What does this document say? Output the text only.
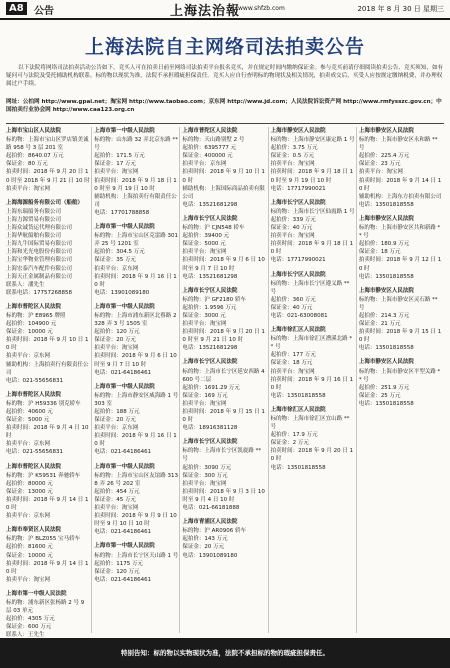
A8	公告	上海法治報
www.shfzb.com	2018 年 8 月 30 日 星期三
上海法院自主网络司法拍卖公告
以下法院将网络司法拍卖活动公告如下，竞买人可在拍卖日前至网络司法拍卖平台报名竞买，并在规定时间内缴纳保证金。参与竞买前请仔细阅读拍卖公告、竞买须知，如有疑问可与法院及受托辅助机构联系。标的物以现状为准，法院不承担瑕疵担保责任。竞买人应自行查明标的物现状及相关情况，拍卖成交后，买受人应按规定缴纳税费，并办理权属过户手续。
网址：公拍网 http://www.gpai.net；淘宝网 http://www.taobao.com；京东网 http://www.jd.com；人民法院诉讼资产网 http://www.rmfysszc.gov.cn；中国拍卖行业协会网 http://www.caa123.org.cn
上海市宝山区人民法院
标的物：上海市宝山区罗店镇美诚路 958 号 3 层 201 室
起拍价：8640.07 万元
保证金：80 万元
拍卖时间：2018 年 9 月 20 日 10 时至 2018 年 9 月 21 日 10 时
拍卖平台：淘宝网
上海海源船务有限公司（船舶）
上海东瑞船务有限公司
上海力源贸易有限公司
上海众诚货运代理有限公司
上海华航船舶有限公司
上海九牛国际贸易有限公司
上海和光光电股份有限公司
上海宝华物业管理有限公司
上海宏泰汽车配件有限公司
上海天正金属制品有限公司
联系人：潘先生
联系电话：17757268858
上海市普陀区人民法院
标的物：沪 E8965 牌照
起拍价：104900 元
保证金：10000 元
拍卖时间：2018 年 9 月 10 日 10 时
拍卖平台：京东网
辅助机构：上海拍卖行有限责任公司
电话：021-55656831
上海市普陀区人民法院
标的物：沪 H59336 别克轿车
起拍价：40600 元
保证金：5000 元
拍卖时间：2018 年 9 月 4 日 10 时
拍卖平台：京东网
电话：021-55656831
上海市普陀区人民法院
标的物：沪 K59531 奔驰轿车
起拍价：80000 元
保证金：13000 元
拍卖时间：2018 年 9 月 14 日 10 时
拍卖平台：京东网
上海市奉贤区人民法院
标的物：沪 BLZ055 宝马轿车
起拍价：81600 元
保证金：10000 元
拍卖时间：2018 年 9 月 14 日 10 时
拍卖平台：淘宝网
上海市第一中级人民法院
标的物：浦东新区张杨路 2 号 9 层 03 单元
起拍价：4305 万元
保证金：600 万元
联系人：王先生
上海市第一中级人民法院
标的物：山东路 32 弄北京东路 ** 号
起拍价：171.5 万元
保证金：17 万元
拍卖平台：淘宝网
拍卖时间：2018 年 9 月 18 日 10 时至 9 月 19 日 10 时
辅助机构：上海拍卖行有限责任公司
电话：17701788858
上海市第一中级人民法院
标的物：上海市宝山区克雷路 301 弄 25 号 1201 室
起拍价：304.5 万元
保证金：35 万元
拍卖平台：京东网
拍卖时间：2018 年 9 月 16 日 10 时
电话：13901089180
上海市第一中级人民法院
标的物：上海市浦东新区北蔡路 2328 弄 3 号 1505 室
起拍价：120 万元
保证金：20 万元
拍卖平台：淘宝网
拍卖时间：2018 年 9 月 6 日 10 时至 9 月 7 日 10 时
电话：021-64186461
上海市第一中级人民法院
标的物：上海市静安区威海路 1 号 303 室
起拍价：188 万元
保证金：20 万元
拍卖平台：京东网
拍卖时间：2018 年 9 月 16 日 10 时
电话：021-64186461
上海市第一中级人民法院
标的物：上海市宝山区友谊路 3138 弄 26 号 202 室
起拍价：454 万元
保证金：45 万元
拍卖平台：淘宝网
拍卖时间：2018 年 9 月 9 日 10 时至 9 月 10 日 10 时
电话：021-64186461
上海市第一中级人民法院
标的物：上海市长宁区天山路 1 号
起拍价：1175 万元
保证金：120 万元
电话：021-64186461
上海市普陀区人民法院
标的物：天山路别墅 2 号
起拍价：6395777 元
保证金：400000 元
拍卖平台：京东网
拍卖时间：2018 年 9 月 10 日 10 时
辅助机构：上海国际商品拍卖有限公司
电话：13521681298
上海市长宁区人民法院
标的物：沪 CJN548 轿车
起拍价：39400 元
保证金：5000 元
拍卖平台：淘宝网
拍卖时间：2018 年 9 月 6 日 10 时至 9 月 7 日 10 时
电话：13521681298
上海市长宁区人民法院
标的物：沪 GF2180 轿车
起拍价：1.9596 万元
保证金：3000 元
拍卖平台：淘宝网
拍卖时间：2018 年 9 月 20 日 10 时至 9 月 21 日 10 时
电话：13521681298
上海市长宁区人民法院
标的物：上海市长宁区延安西路 4600 号二层
起拍价：1691.29 万元
保证金：169 万元
拍卖平台：淘宝网
拍卖时间：2018 年 9 月 15 日 10 时
电话：18916381128
上海市长宁区人民法院
标的物：上海市长宁区凯旋路 ** 号
起拍价：3090 万元
保证金：300 万元
拍卖平台：淘宝网
拍卖时间：2018 年 9 月 3 日 10 时至 9 月 4 日 10 时
电话：021-66181888
上海市青浦区人民法院
标的物：沪 AR0906 轿车
起拍价：143 万元
保证金：20 万元
电话：13901089180
上海市静安区人民法院
标的物：上海市静安区康定路 1 号
起拍价：3.75 万元
保证金：0.5 万元
拍卖平台：淘宝网
拍卖时间：2018 年 9 月 18 日 10 时至 9 月 19 日 10 时
电话：17717990021
上海市长宁区人民法院
标的物：上海市长宁区仙霞路 1 号
起拍价：339 万元
保证金：40 万元
拍卖平台：淘宝网
拍卖时间：2018 年 9 月 18 日 10 时
电话：17717990021
上海市长宁区人民法院
标的物：上海市长宁区遵义路 ** 号
起拍价：360 万元
保证金：40 万元
电话：021-63008081
上海市徐汇区人民法院
标的物：上海市徐汇区漕溪北路 ** 号
起拍价：177 万元
保证金：18 万元
拍卖平台：淘宝网
拍卖时间：2018 年 9 月 16 日 10 时
电话：13501818558
上海市徐汇区人民法院
标的物：上海市徐汇区宜山路 ** 号
起拍价：17.9 万元
保证金：2 万元
拍卖时间：2018 年 9 月 20 日 10 时
电话：13501818558
上海市静安区人民法院
标的物：上海市静安区永和路 ** 号
起拍价：225.4 万元
保证金：23 万元
拍卖平台：淘宝网
拍卖时间：2018 年 9 月 14 日 10 时
辅助机构：上海东方拍卖有限公司
电话：13501818558
上海市静安区人民法院
标的物：上海市静安区共和新路 ** 号
起拍价：180.9 万元
保证金：18 万元
拍卖时间：2018 年 9 月 12 日 10 时
电话：13501818558
上海市静安区人民法院
标的物：上海市静安区灵石路 ** 号
起拍价：214.3 万元
保证金：21 万元
拍卖时间：2018 年 9 月 15 日 10 时
电话：13501818558
上海市静安区人民法院
标的物：上海市静安区平型关路 ** 号
起拍价：251.9 万元
保证金：25 万元
电话：13501818558
特别告知：标的物以实物现状为准，法院不承担标的物的瑕疵担保责任。
